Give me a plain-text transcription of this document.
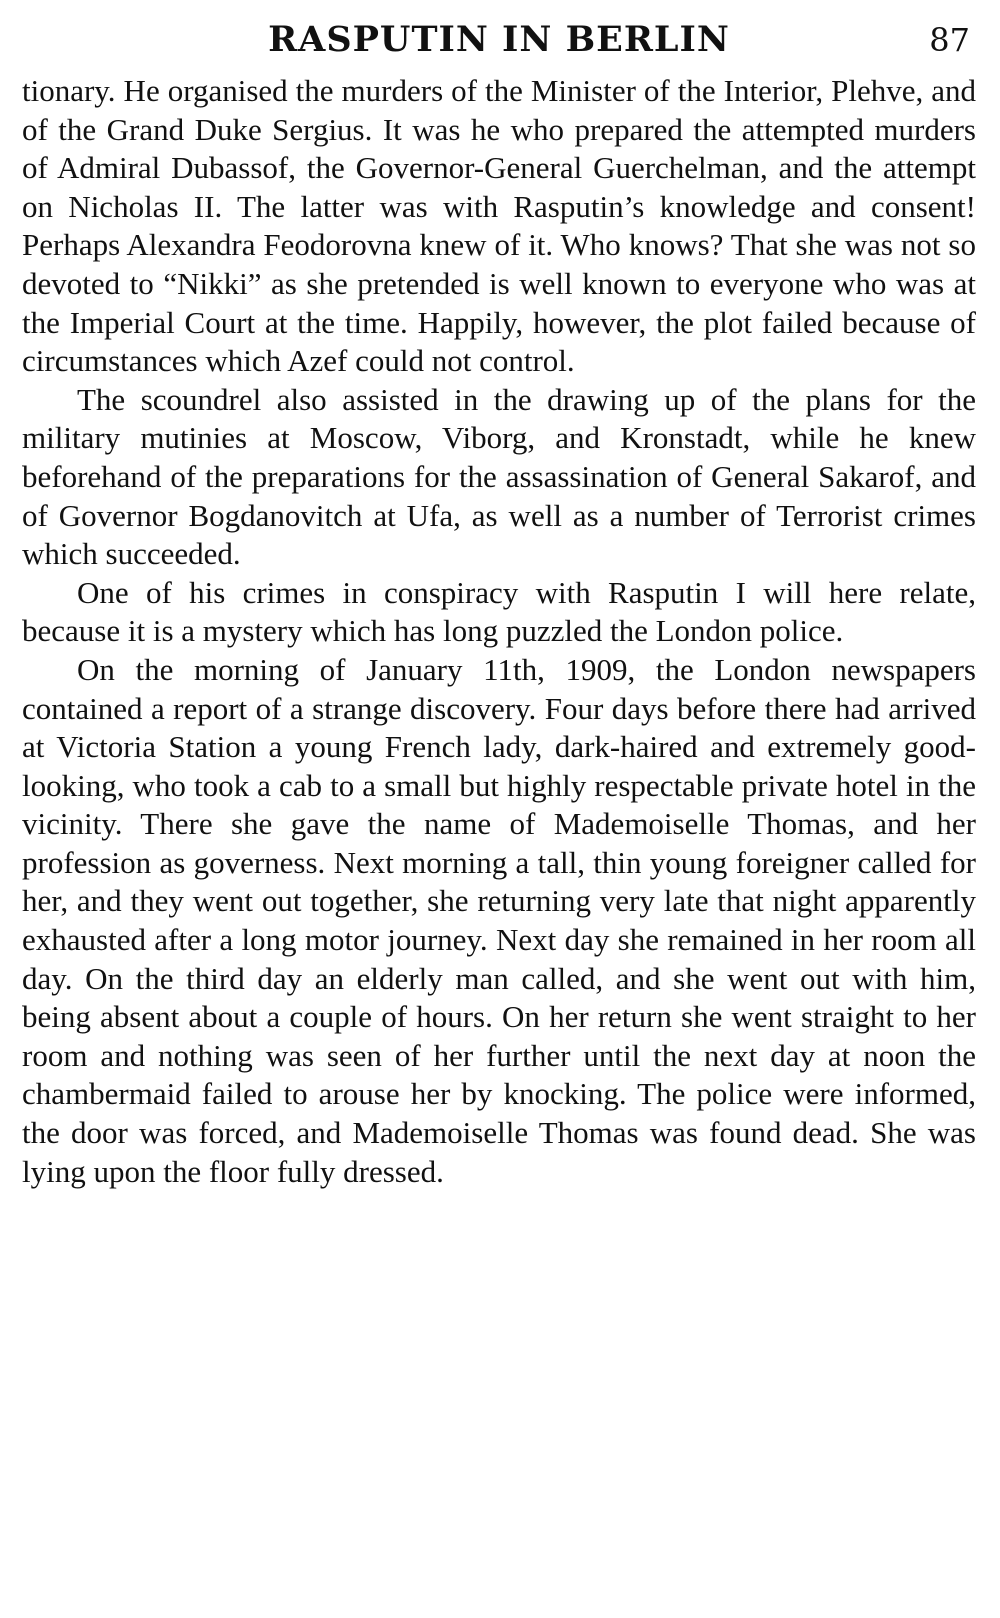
RASPUTIN IN BERLIN	87

tionary. He organised the murders of the Minister of the Interior, Plehve, and of the Grand Duke Sergius. It was he who prepared the attempted murders of Admiral Dubassof, the Governor-General Guerchelman, and the attempt on Nicholas II. The latter was with Rasputin’s knowledge and consent! Perhaps Alexandra Feodorovna knew of it. Who knows? That she was not so devoted to “Nikki” as she pretended is well known to everyone who was at the Imperial Court at the time. Happily, however, the plot failed because of circumstances which Azef could not control.

The scoundrel also assisted in the drawing up of the plans for the military mutinies at Moscow, Viborg, and Kronstadt, while he knew beforehand of the preparations for the assassination of General Sakarof, and of Governor Bogdanovitch at Ufa, as well as a number of Terrorist crimes which succeeded.

One of his crimes in conspiracy with Rasputin I will here relate, because it is a mystery which has long puzzled the London police.

On the morning of January 11th, 1909, the London newspapers contained a report of a strange discovery. Four days before there had arrived at Victoria Station a young French lady, dark-haired and extremely good-looking, who took a cab to a small but highly respectable private hotel in the vicinity. There she gave the name of Mademoiselle Thomas, and her profession as governess. Next morning a tall, thin young foreigner called for her, and they went out together, she returning very late that night apparently exhausted after a long motor journey. Next day she remained in her room all day. On the third day an elderly man called, and she went out with him, being absent about a couple of hours. On her return she went straight to her room and nothing was seen of her further until the next day at noon the chambermaid failed to arouse her by knocking. The police were informed, the door was forced, and Mademoiselle Thomas was found dead. She was lying upon the floor fully dressed.
